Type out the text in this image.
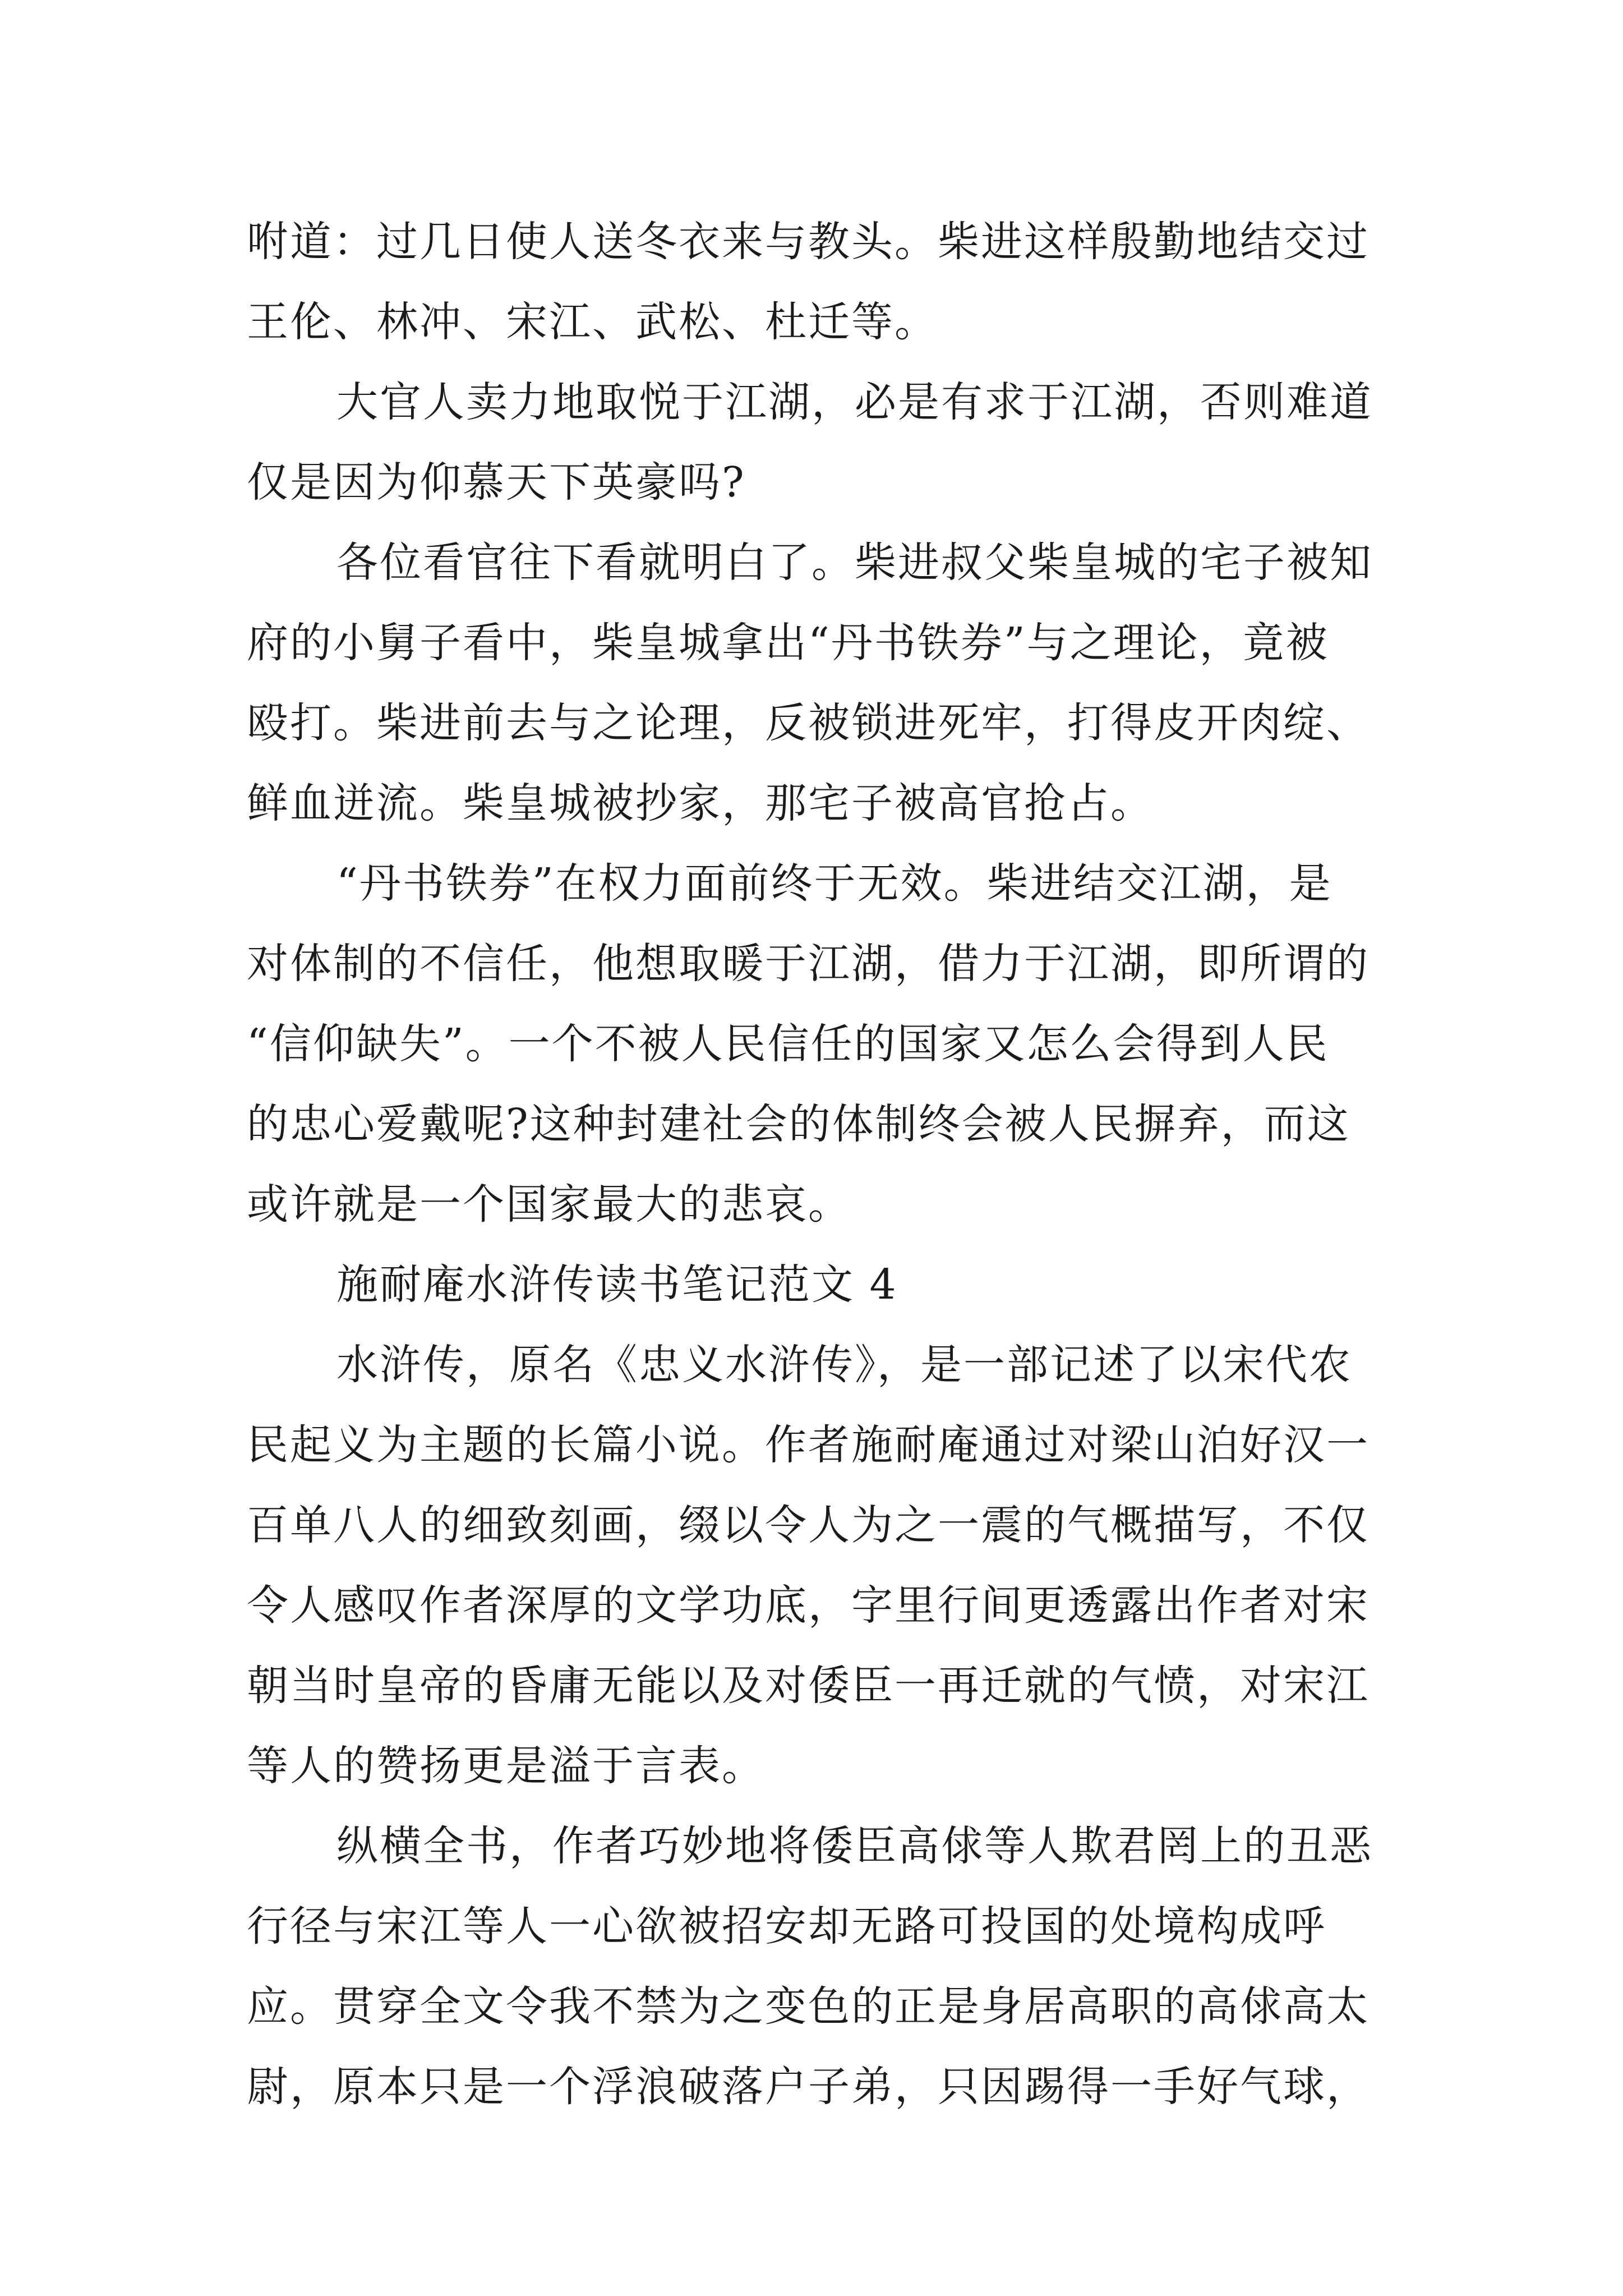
咐道：过几日使人送冬衣来与教头。柴进这样殷勤地结交过
王伦、林冲、宋江、武松、杜迁等。
大官人卖力地取悦于江湖，必是有求于江湖，否则难道
仅是因为仰慕天下英豪吗?
各位看官往下看就明白了。柴进叔父柴皇城的宅子被知
府的小舅子看中，柴皇城拿出“丹书铁券”与之理论，竟被
殴打。柴进前去与之论理，反被锁进死牢，打得皮开肉绽、
鲜血迸流。柴皇城被抄家，那宅子被高官抢占。
“丹书铁券”在权力面前终于无效。柴进结交江湖，是
对体制的不信任，他想取暖于江湖，借力于江湖，即所谓的
“信仰缺失”。一个不被人民信任的国家又怎么会得到人民
的忠心爱戴呢?这种封建社会的体制终会被人民摒弃，而这
或许就是一个国家最大的悲哀。
施耐庵水浒传读书笔记范文 4
水浒传，原名《忠义水浒传》，是一部记述了以宋代农
民起义为主题的长篇小说。作者施耐庵通过对梁山泊好汉一
百单八人的细致刻画，缀以令人为之一震的气概描写，不仅
令人感叹作者深厚的文学功底，字里行间更透露出作者对宋
朝当时皇帝的昏庸无能以及对倭臣一再迁就的气愤，对宋江
等人的赞扬更是溢于言表。
纵横全书，作者巧妙地将倭臣高俅等人欺君罔上的丑恶
行径与宋江等人一心欲被招安却无路可投国的处境构成呼
应。贯穿全文令我不禁为之变色的正是身居高职的高俅高太
尉，原本只是一个浮浪破落户子弟，只因踢得一手好气球，
